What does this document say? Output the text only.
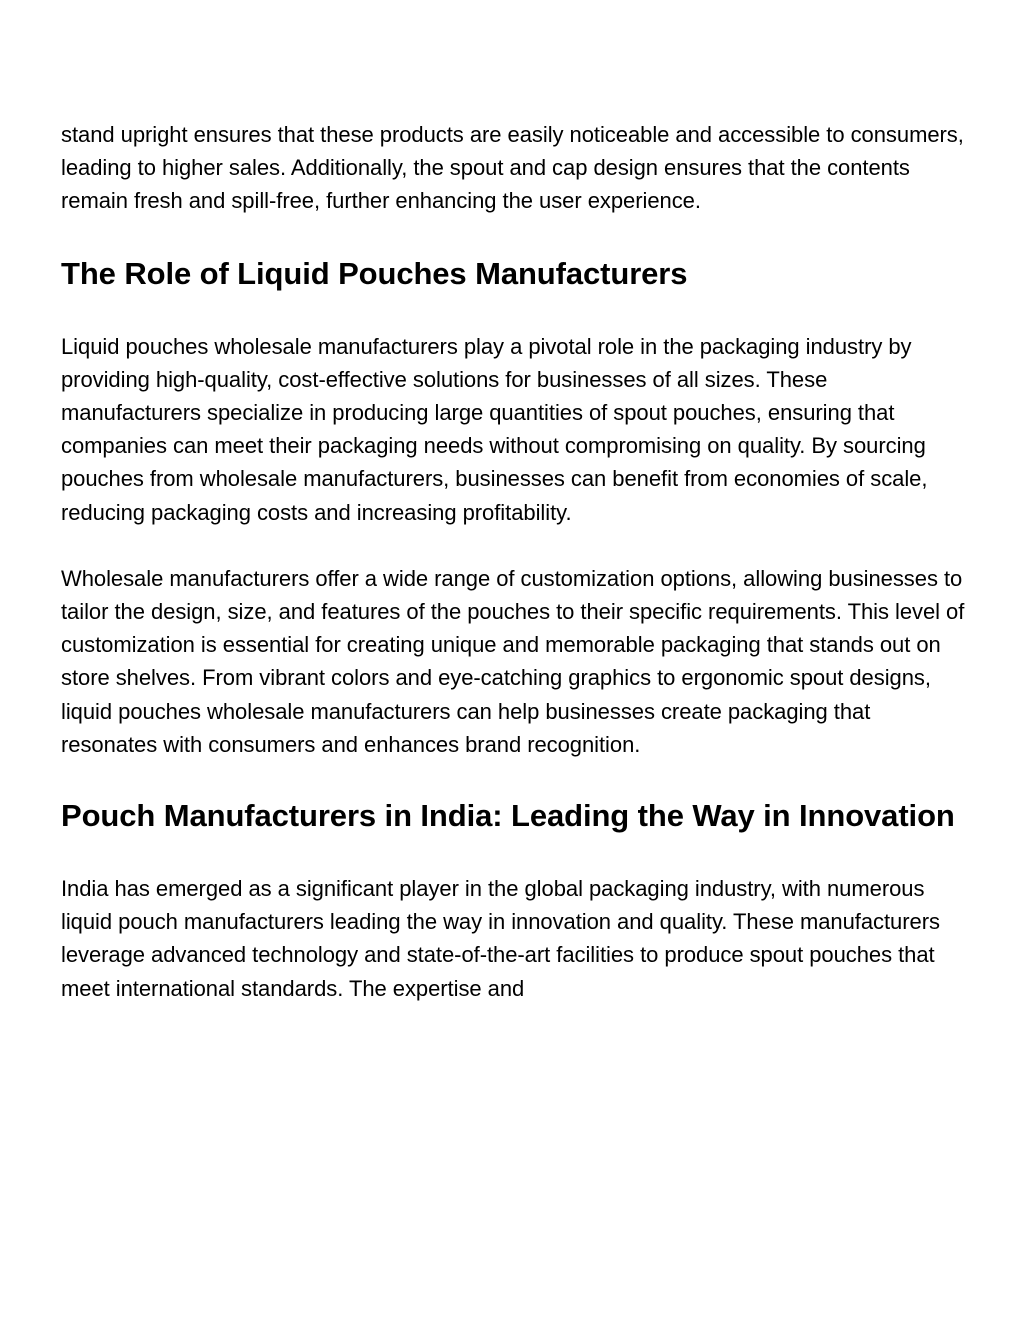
stand upright ensures that these products are easily noticeable and accessible to consumers, leading to higher sales. Additionally, the spout and cap design ensures that the contents remain fresh and spill-free, further enhancing the user experience.

The Role of Liquid Pouches Manufacturers

Liquid pouches wholesale manufacturers play a pivotal role in the packaging industry by providing high-quality, cost-effective solutions for businesses of all sizes. These manufacturers specialize in producing large quantities of spout pouches, ensuring that companies can meet their packaging needs without compromising on quality. By sourcing pouches from wholesale manufacturers, businesses can benefit from economies of scale, reducing packaging costs and increasing profitability.

Wholesale manufacturers offer a wide range of customization options, allowing businesses to tailor the design, size, and features of the pouches to their specific requirements. This level of customization is essential for creating unique and memorable packaging that stands out on store shelves. From vibrant colors and eye-catching graphics to ergonomic spout designs, liquid pouches wholesale manufacturers can help businesses create packaging that resonates with consumers and enhances brand recognition.

Pouch Manufacturers in India: Leading the Way in Innovation

India has emerged as a significant player in the global packaging industry, with numerous liquid pouch manufacturers leading the way in innovation and quality. These manufacturers leverage advanced technology and state-of-the-art facilities to produce spout pouches that meet international standards. The expertise and
